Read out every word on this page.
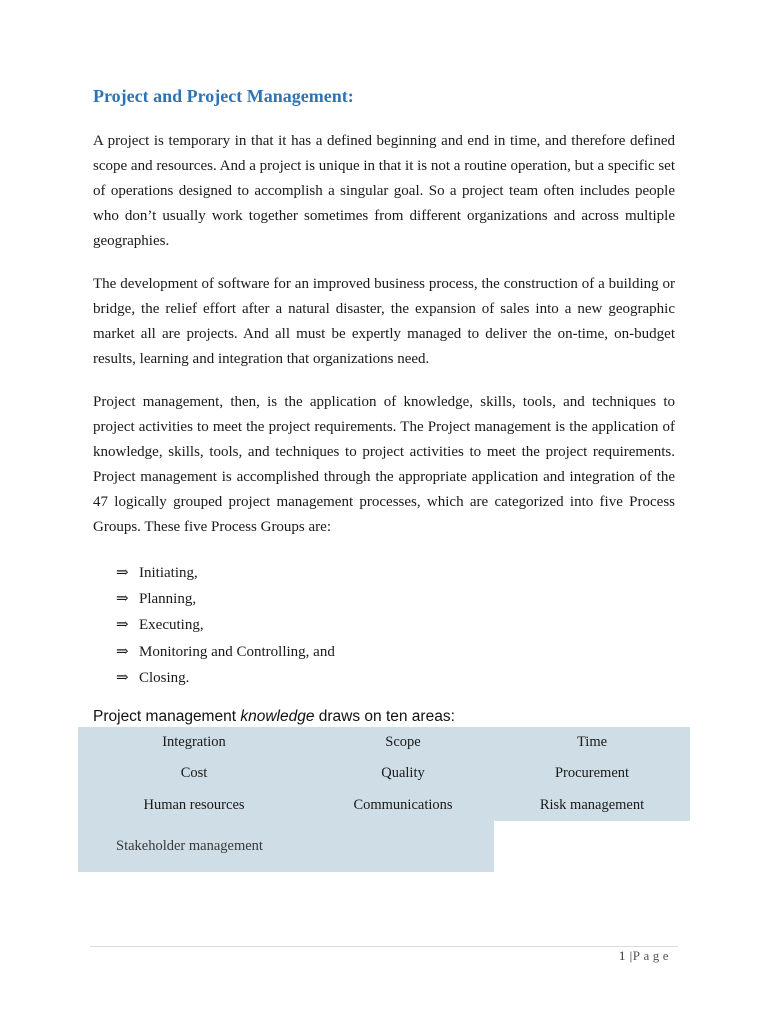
Project and Project Management:

A project is temporary in that it has a defined beginning and end in time, and therefore defined scope and resources. And a project is unique in that it is not a routine operation, but a specific set of operations designed to accomplish a singular goal. So a project team often includes people who don’t usually work together sometimes from different organizations and across multiple geographies.

The development of software for an improved business process, the construction of a building or bridge, the relief effort after a natural disaster, the expansion of sales into a new geographic market all are projects. And all must be expertly managed to deliver the on-time, on-budget results, learning and integration that organizations need.

Project management, then, is the application of knowledge, skills, tools, and techniques to project activities to meet the project requirements. The Project management is the application of knowledge, skills, tools, and techniques to project activities to meet the project requirements. Project management is accomplished through the appropriate application and integration of the 47 logically grouped project management processes, which are categorized into five Process Groups. These five Process Groups are:

⇒ Initiating,
⇒ Planning,
⇒ Executing,
⇒ Monitoring and Controlling, and
⇒ Closing.

Project management knowledge draws on ten areas:

Integration	Scope	Time
Cost	Quality	Procurement
Human resources	Communications	Risk management
Stakeholder management
1 |Page
